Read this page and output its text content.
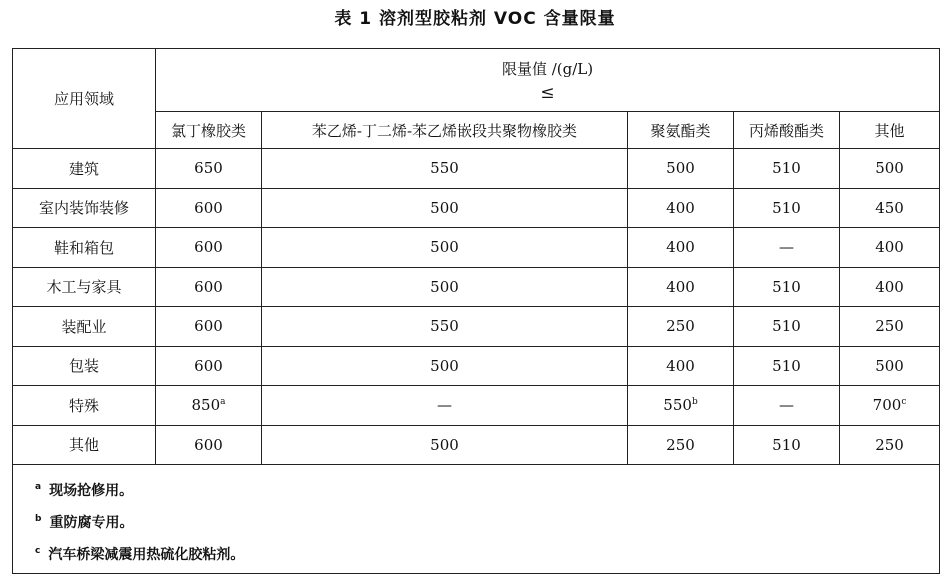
表 1 溶剂型胶粘剂 VOC 含量限量
应用领域	限量值 /(g/L)
≤				

	氯丁橡胶类	苯乙烯-丁二烯-苯乙烯嵌段共聚物橡胶类	聚氨酯类	丙烯酸酯类	其他
建筑	650	550	500	510	500
室内装饰装修	600	500	400	510	450
鞋和箱包	600	500	400	—	400
木工与家具	600	500	400	510	400
装配业	600	550	250	510	250
包装	600	500	400	510	500
特殊	850$^a$	—	550$^b$	—	700$^c$
其他	600	500	250	510	250

$^a$ 现场抢修用。
$^b$ 重防腐专用。
$^c$ 汽车桥梁减震用热硫化胶粘剂。					
